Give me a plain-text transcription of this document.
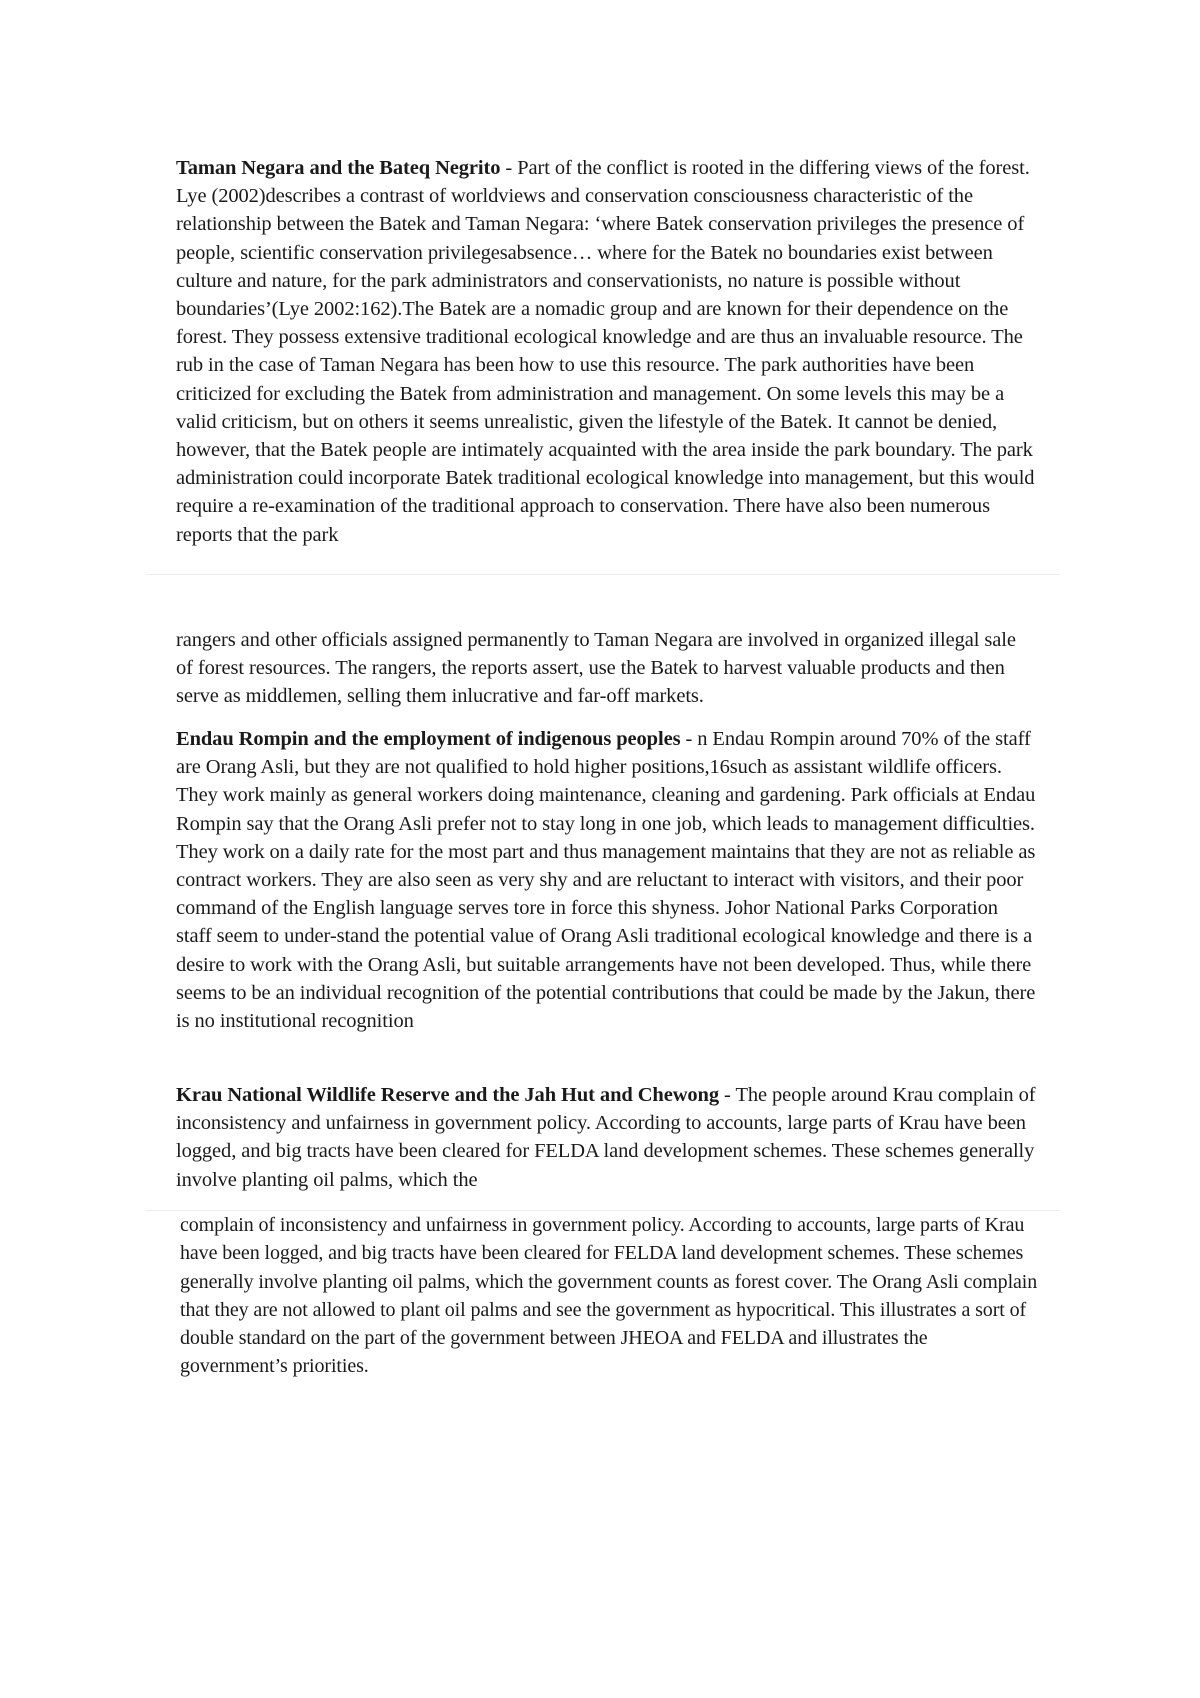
Taman Negara and the Bateq Negrito - Part of the conflict is rooted in the differing views of the forest. Lye (2002)describes a contrast of worldviews and conservation consciousness characteristic of the relationship between the Batek and Taman Negara: ‘where Batek conservation privileges the presence of people, scientific conservation privilegesabsence… where for the Batek no boundaries exist between culture and nature, for the park administrators and conservationists, no nature is possible without boundaries’(Lye 2002:162).The Batek are a nomadic group and are known for their dependence on the forest. They possess extensive traditional ecological knowledge and are thus an invaluable resource. The rub in the case of Taman Negara has been how to use this resource. The park authorities have been criticized for excluding the Batek from administration and management. On some levels this may be a valid criticism, but on others it seems unrealistic, given the lifestyle of the Batek. It cannot be denied, however, that the Batek people are intimately acquainted with the area inside the park boundary. The park administration could incorporate Batek traditional ecological knowledge into management, but this would require a re-examination of the traditional approach to conservation. There have also been numerous reports that the park

rangers and other officials assigned permanently to Taman Negara are involved in organized illegal sale of forest resources. The rangers, the reports assert, use the Batek to harvest valuable products and then serve as middlemen, selling them inlucrative and far-off markets.

Endau Rompin and the employment of indigenous peoples - n Endau Rompin around 70% of the staff are Orang Asli, but they are not qualified to hold higher positions,16such as assistant wildlife officers. They work mainly as general workers doing maintenance, cleaning and gardening. Park officials at Endau Rompin say that the Orang Asli prefer not to stay long in one job, which leads to management difficulties. They work on a daily rate for the most part and thus management maintains that they are not as reliable as contract workers. They are also seen as very shy and are reluctant to interact with visitors, and their poor command of the English language serves tore in force this shyness. Johor National Parks Corporation staff seem to under-stand the potential value of Orang Asli traditional ecological knowledge and there is a desire to work with the Orang Asli, but suitable arrangements have not been developed. Thus, while there seems to be an individual recognition of the potential contributions that could be made by the Jakun, there is no institutional recognition

Krau National Wildlife Reserve and the Jah Hut and Chewong - The people around Krau complain of inconsistency and unfairness in government policy. According to accounts, large parts of Krau have been logged, and big tracts have been cleared for FELDA land development schemes. These schemes generally involve planting oil palms, which the

complain of inconsistency and unfairness in government policy. According to accounts, large parts of Krau have been logged, and big tracts have been cleared for FELDA land development schemes. These schemes generally involve planting oil palms, which the government counts as forest cover. The Orang Asli complain that they are not allowed to plant oil palms and see the government as hypocritical. This illustrates a sort of double standard on the part of the government between JHEOA and FELDA and illustrates the government’s priorities.
